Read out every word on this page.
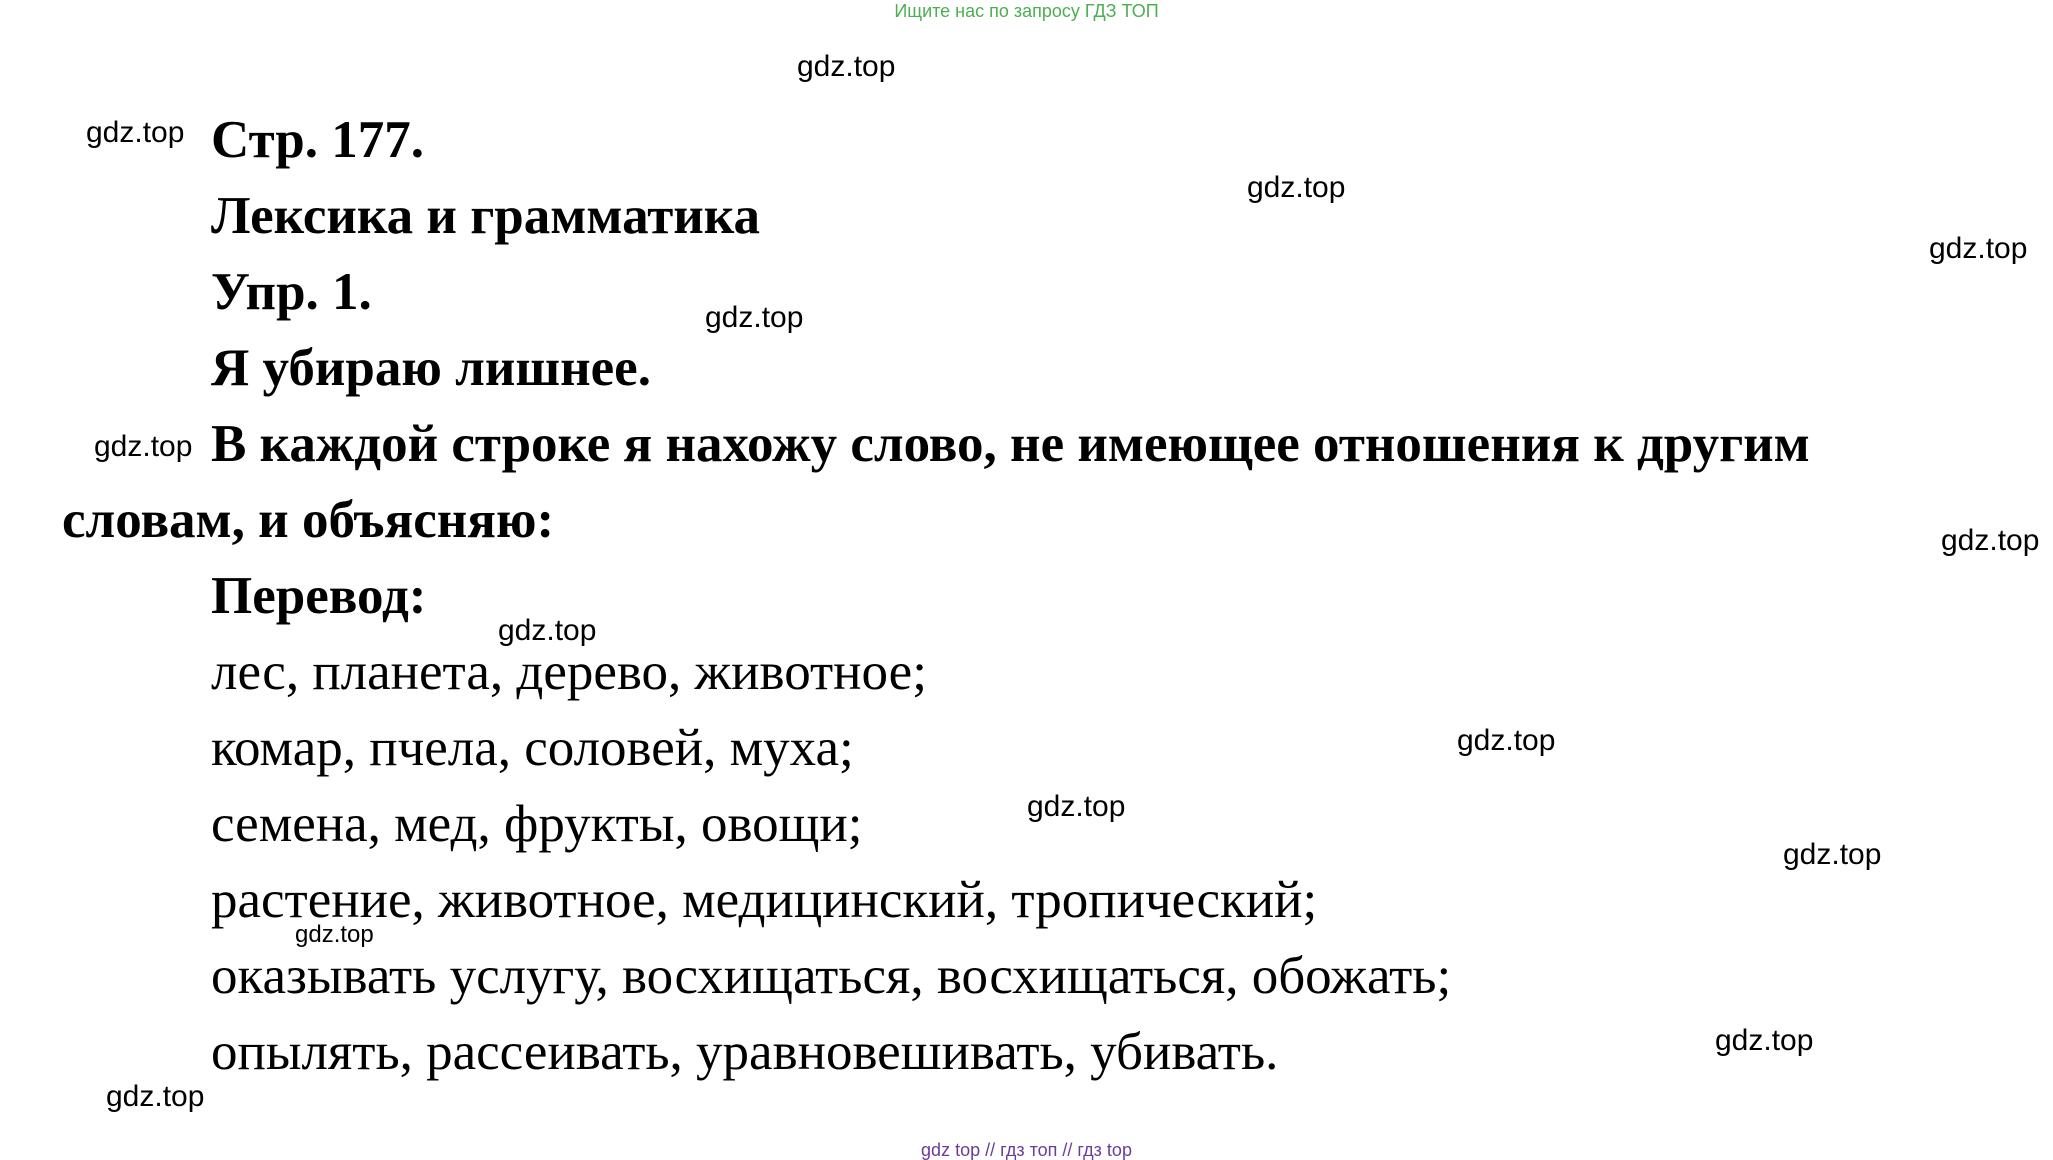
Ищите нас по запросу ГДЗ ТОП
Стр. 177.
Лексика и грамматика
Упр. 1.
Я убираю лишнее.
В каждой строке я нахожу слово, не имеющее отношения к другим
словам, и объясняю:
Перевод:
лес, планета, дерево, животное;
комар, пчела, соловей, муха;
семена, мед, фрукты, овощи;
растение, животное, медицинский, тропический;
оказывать услугу, восхищаться, восхищаться, обожать;
опылять, рассеивать, уравновешивать, убивать.
gdz.top
gdz.top
gdz.top
gdz.top
gdz.top
gdz.top
gdz.top
gdz.top
gdz.top
gdz.top
gdz.top
gdz.top
gdz.top
gdz.top
gdz top // гдз топ // гдз top
